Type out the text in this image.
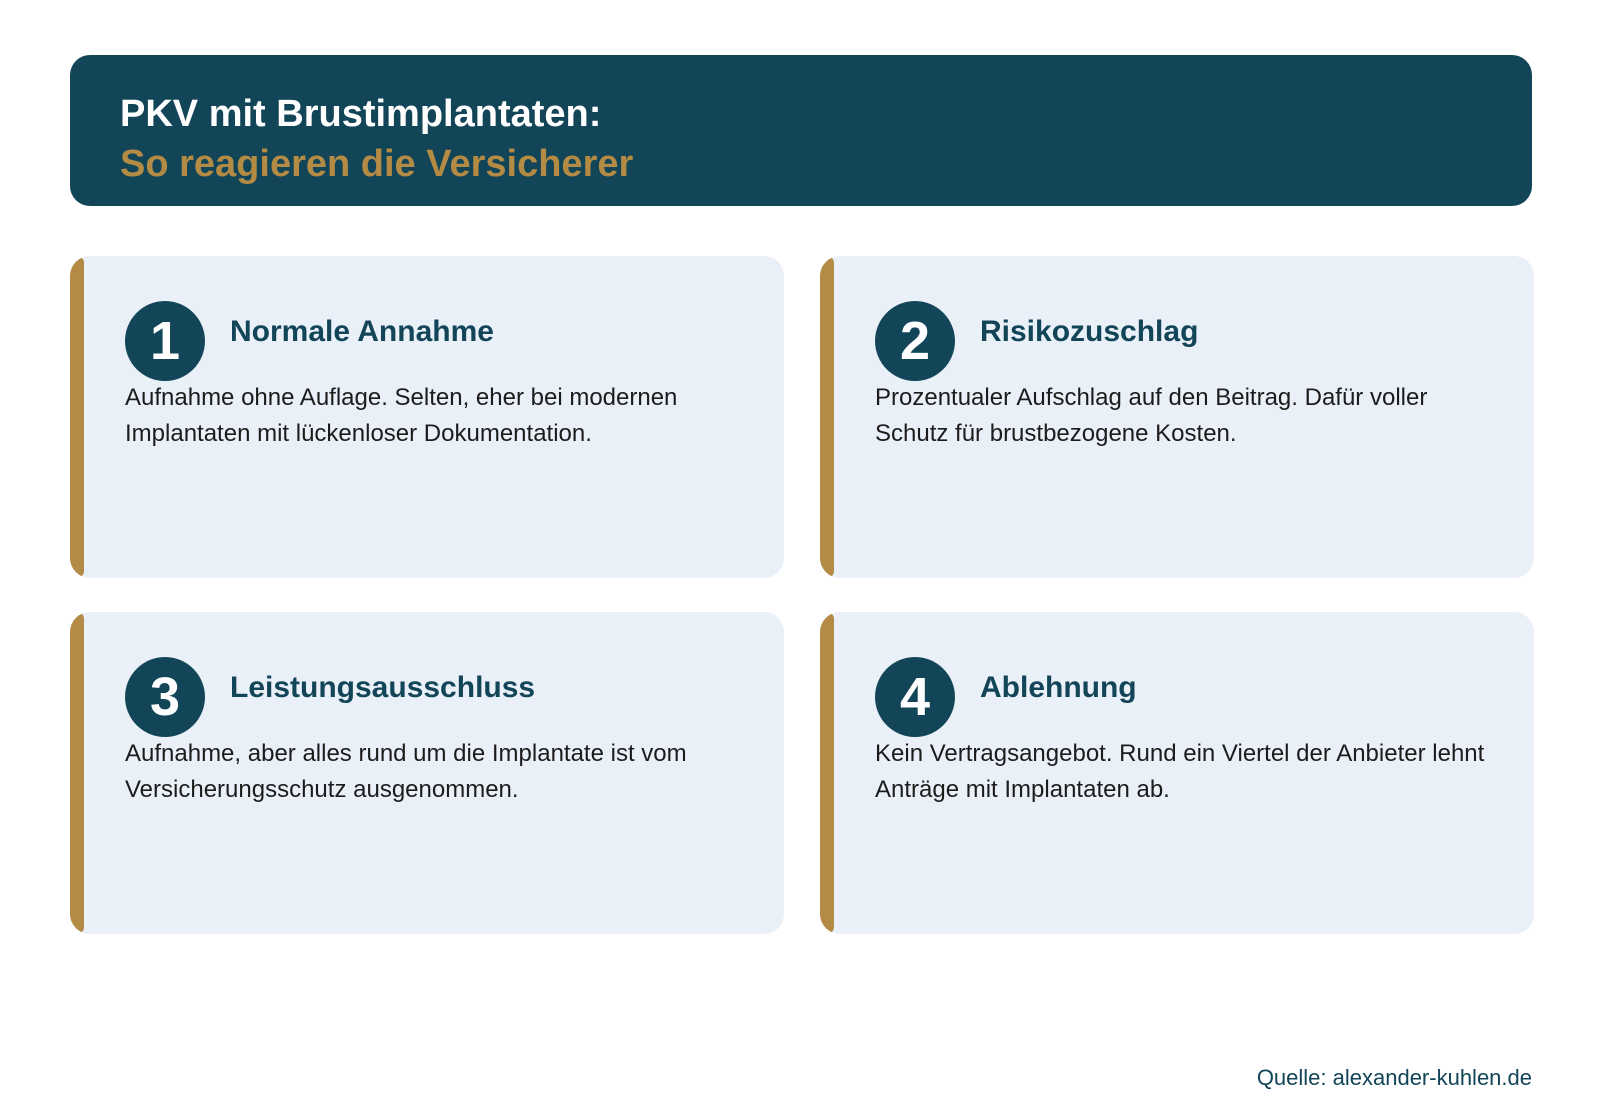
PKV mit Brustimplantaten:

So reagieren die Versicherer

1	Normale Annahme
Aufnahme ohne Auflage. Selten, eher bei modernen Implantaten mit lückenloser Dokumentation.
2	Risikozuschlag
Prozentualer Aufschlag auf den Beitrag. Dafür voller Schutz für brustbezogene Kosten.
3	Leistungsausschluss
Aufnahme, aber alles rund um die Implantate ist vom Versicherungsschutz ausgenommen.
4	Ablehnung
Kein Vertragsangebot. Rund ein Viertel der Anbieter lehnt Anträge mit Implantaten ab.
Quelle: alexander-kuhlen.de
